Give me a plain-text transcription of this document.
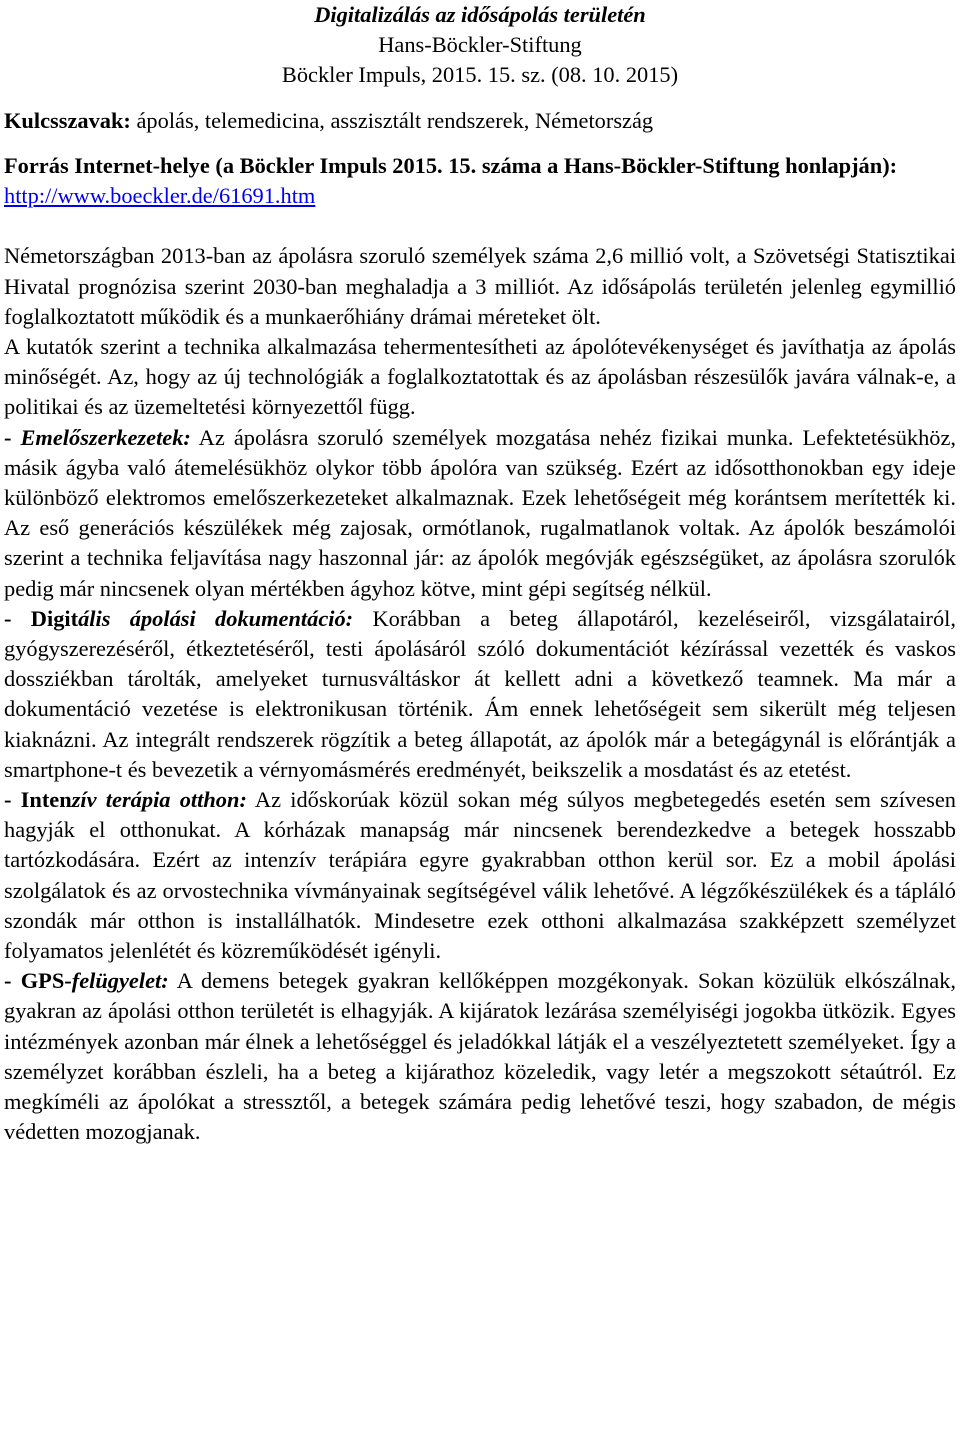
Digitalizálás az idősápolás területén
Hans-Böckler-Stiftung
Böckler Impuls, 2015. 15. sz. (08. 10. 2015)

Kulcsszavak: ápolás, telemedicina, asszisztált rendszerek, Németország

Forrás Internet-helye (a Böckler Impuls 2015. 15. száma a Hans-Böckler-Stiftung honlapján): http://www.boeckler.de/61691.htm

Németországban 2013-ban az ápolásra szoruló személyek száma 2,6 millió volt, a Szövetségi Statisztikai Hivatal prognózisa szerint 2030-ban meghaladja a 3 milliót. Az idősápolás területén jelenleg egymillió foglalkoztatott működik és a munkaerőhiány drámai méreteket ölt.

A kutatók szerint a technika alkalmazása tehermentesítheti az ápolótevékenységet és javíthatja az ápolás minőségét. Az, hogy az új technológiák a foglalkoztatottak és az ápolásban részesülők javára válnak-e, a politikai és az üzemeltetési környezettől függ.

- Emelőszerkezetek: Az ápolásra szoruló személyek mozgatása nehéz fizikai munka. Lefektetésükhöz, másik ágyba való átemelésükhöz olykor több ápolóra van szükség. Ezért az idősotthonokban egy ideje különböző elektromos emelőszerkezeteket alkalmaznak. Ezek lehetőségeit még korántsem merítették ki. Az eső generációs készülékek még zajosak, ormótlanok, rugalmatlanok voltak. Az ápolók beszámolói szerint a technika feljavítása nagy haszonnal jár: az ápolók megóvják egészségüket, az ápolásra szorulók pedig már nincsenek olyan mértékben ágyhoz kötve, mint gépi segítség nélkül.

- Digitális ápolási dokumentáció: Korábban a beteg állapotáról, kezeléseiről, vizsgálatairól, gyógyszerezéséről, étkeztetéséről, testi ápolásáról szóló dokumentációt kézírással vezették és vaskos dossziékban tárolták, amelyeket turnusváltáskor át kellett adni a következő teamnek. Ma már a dokumentáció vezetése is elektronikusan történik. Ám ennek lehetőségeit sem sikerült még teljesen kiaknázni. Az integrált rendszerek rögzítik a beteg állapotát, az ápolók már a betegágynál is előrántják a smartphone-t és bevezetik a vérnyomásmérés eredményét, beikszelik a mosdatást és az etetést.

- Intenzív terápia otthon: Az időskorúak közül sokan még súlyos megbetegedés esetén sem szívesen hagyják el otthonukat. A kórházak manapság már nincsenek berendezkedve a betegek hosszabb tartózkodására. Ezért az intenzív terápiára egyre gyakrabban otthon kerül sor. Ez a mobil ápolási szolgálatok és az orvostechnika vívmányainak segítségével válik lehetővé. A légzőkészülékek és a tápláló szondák már otthon is installálhatók. Mindesetre ezek otthoni alkalmazása szakképzett személyzet folyamatos jelenlétét és közreműködését igényli.

- GPS-felügyelet: A demens betegek gyakran kellőképpen mozgékonyak. Sokan közülük elkószálnak, gyakran az ápolási otthon területét is elhagyják. A kijáratok lezárása személyiségi jogokba ütközik. Egyes intézmények azonban már élnek a lehetőséggel és jeladókkal látják el a veszélyeztetett személyeket. Így a személyzet korábban észleli, ha a beteg a kijárathoz közeledik, vagy letér a megszokott sétaútról. Ez megkíméli az ápolókat a stressztől, a betegek számára pedig lehetővé teszi, hogy szabadon, de mégis védetten mozogjanak.
